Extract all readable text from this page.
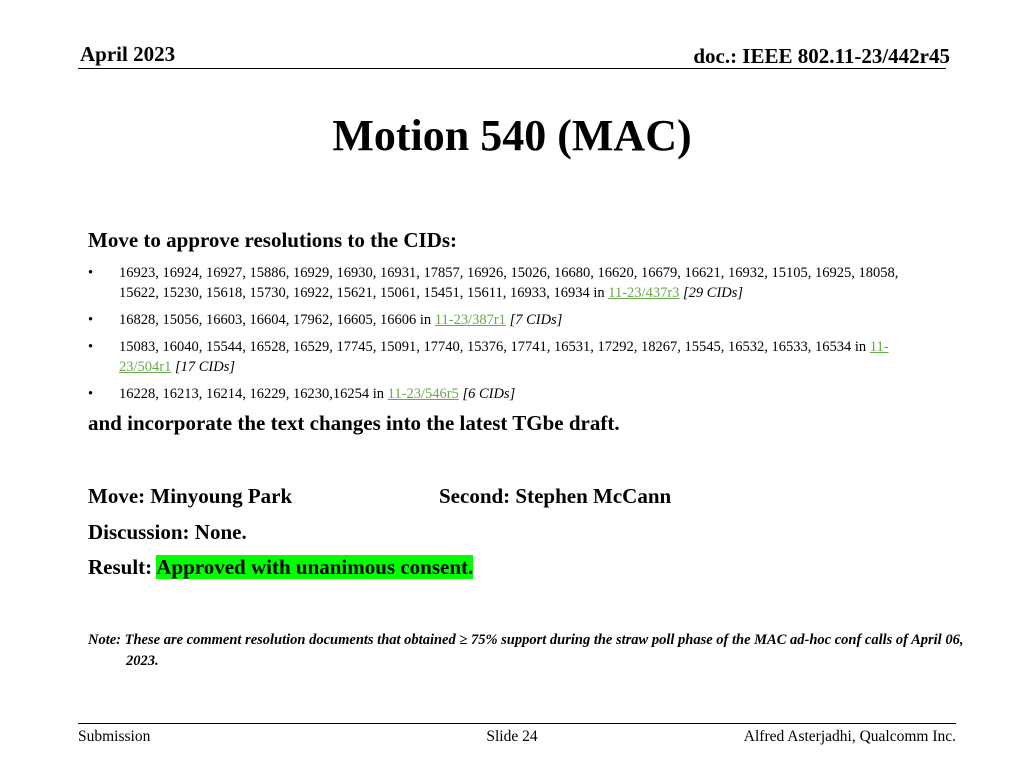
April 2023	doc.: IEEE 802.11-23/442r45
Motion 540 (MAC)

Move to approve resolutions to the CIDs:

• 16923, 16924, 16927, 15886, 16929, 16930, 16931, 17857, 16926, 15026, 16680, 16620, 16679, 16621, 16932, 15105, 16925, 18058, 15622, 15230, 15618, 15730, 16922, 15621, 15061, 15451, 15611, 16933, 16934 in 11-23/437r3 [29 CIDs]
• 16828, 15056, 16603, 16604, 17962, 16605, 16606 in 11-23/387r1 [7 CIDs]
• 15083, 16040, 15544, 16528, 16529, 17745, 15091, 17740, 15376, 17741, 16531, 17292, 18267, 15545, 16532, 16533, 16534 in 11-23/504r1 [17 CIDs]
• 16228, 16213, 16214, 16229, 16230,16254 in 11-23/546r5 [6 CIDs]

and incorporate the text changes into the latest TGbe draft.

Move: Minyoung Park	Second: Stephen McCann

Discussion: None.

Result: Approved with unanimous consent.

Note: These are comment resolution documents that obtained ≥ 75% support during the straw poll phase of the MAC ad-hoc conf calls of April 06, 2023.
Submission	Slide 24	Alfred Asterjadhi, Qualcomm Inc.
